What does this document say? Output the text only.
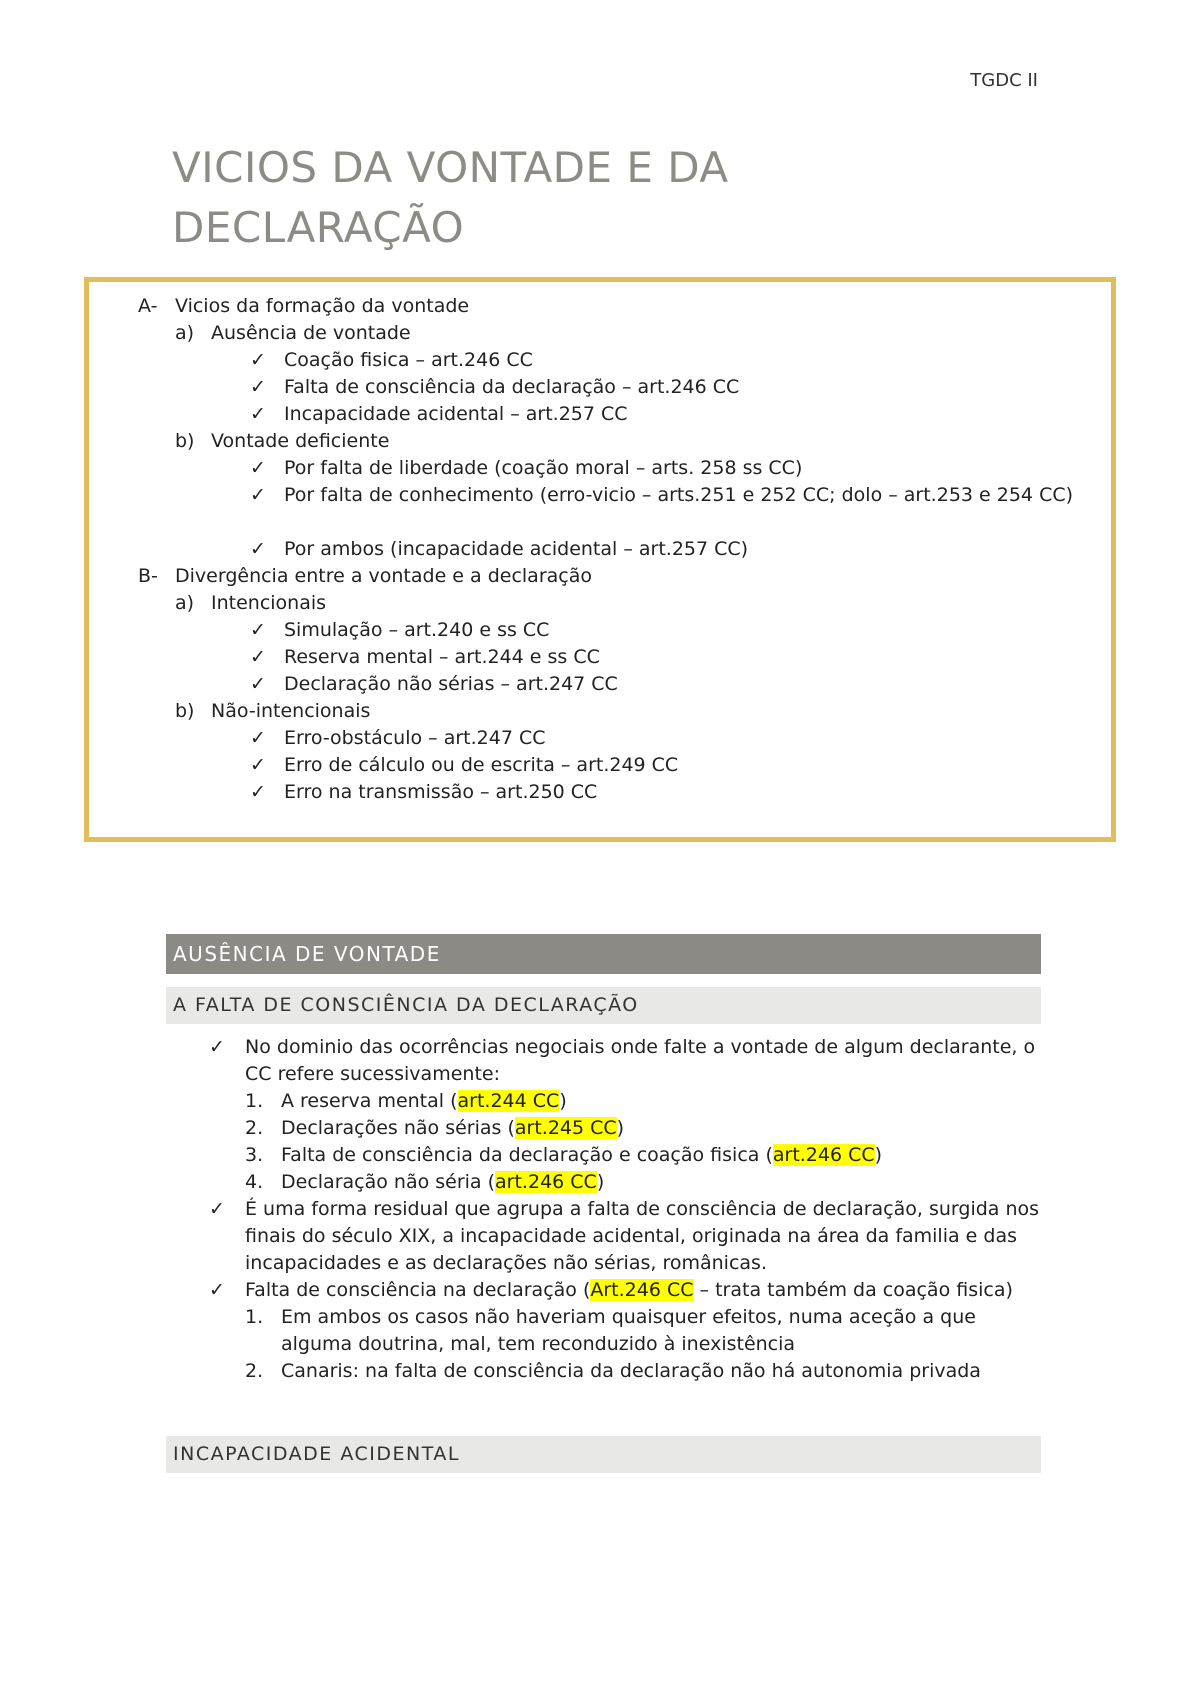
TGDC II
VICIOS DA VONTADE E DA DECLARAÇÃO
A- Vicios da formação da vontade
a) Ausência de vontade
✓ Coação fisica – art.246 CC
✓ Falta de consciência da declaração – art.246 CC
✓ Incapacidade acidental – art.257 CC
b) Vontade deficiente
✓ Por falta de liberdade (coação moral – arts. 258 ss CC)
✓ Por falta de conhecimento (erro-vicio – arts.251 e 252 CC; dolo – art.253 e 254 CC)
✓ Por ambos (incapacidade acidental – art.257 CC)
B- Divergência entre a vontade e a declaração
a) Intencionais
✓ Simulação – art.240 e ss CC
✓ Reserva mental – art.244 e ss CC
✓ Declaração não sérias – art.247 CC
b) Não-intencionais
✓ Erro-obstáculo – art.247 CC
✓ Erro de cálculo ou de escrita – art.249 CC
✓ Erro na transmissão – art.250 CC
AUSÊNCIA DE VONTADE
A FALTA DE CONSCIÊNCIA DA DECLARAÇÃO
✓ No dominio das ocorrências negociais onde falte a vontade de algum declarante, o CC refere sucessivamente:
1. A reserva mental (art.244 CC)
2. Declarações não sérias (art.245 CC)
3. Falta de consciência da declaração e coação fisica (art.246 CC)
4. Declaração não séria (art.246 CC)
✓ É uma forma residual que agrupa a falta de consciência de declaração, surgida nos finais do século XIX, a incapacidade acidental, originada na área da familia e das incapacidades e as declarações não sérias, românicas.
✓ Falta de consciência na declaração (Art.246 CC – trata também da coação fisica)
1. Em ambos os casos não haveriam quaisquer efeitos, numa aceção a que alguma doutrina, mal, tem reconduzido à inexistência
2. Canaris: na falta de consciência da declaração não há autonomia privada
INCAPACIDADE ACIDENTAL
